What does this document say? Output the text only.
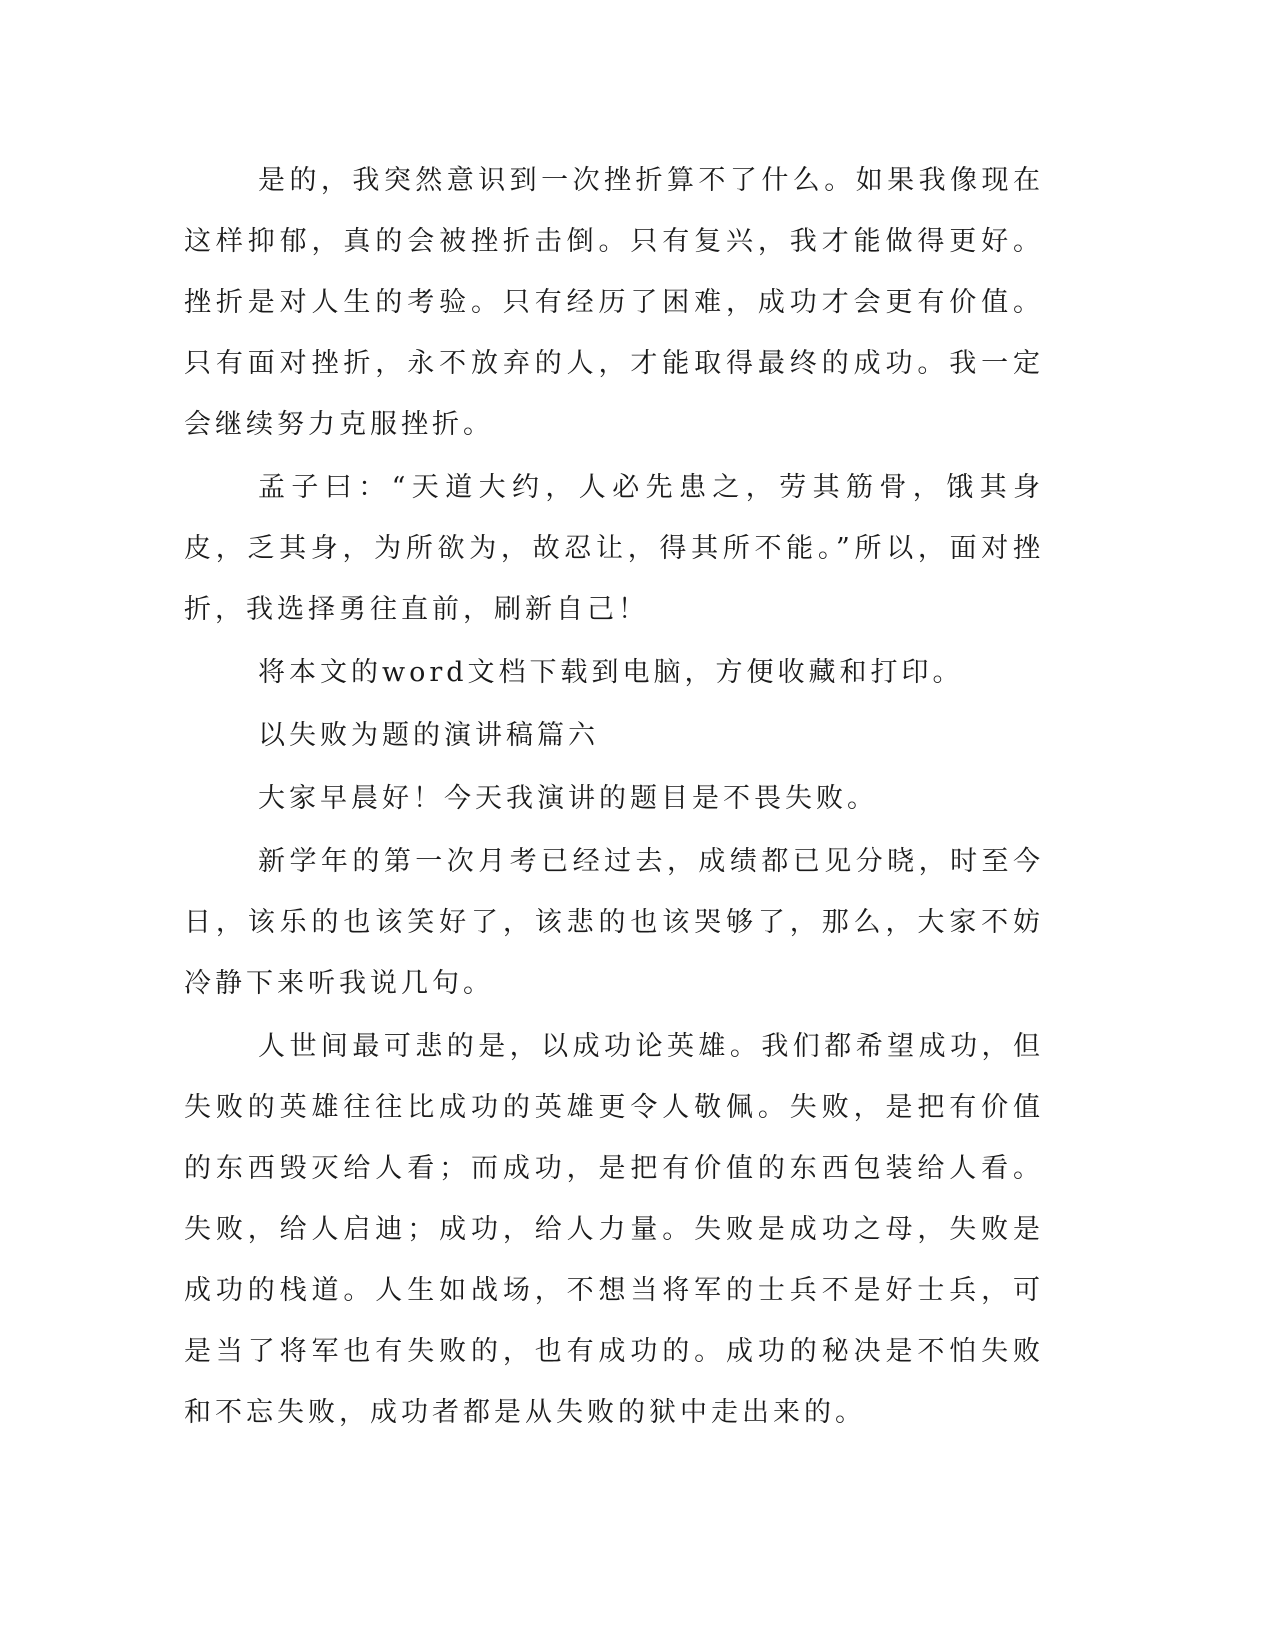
是的，我突然意识到一次挫折算不了什么。如果我像现在这样抑郁，真的会被挫折击倒。只有复兴，我才能做得更好。挫折是对人生的考验。只有经历了困难，成功才会更有价值。只有面对挫折，永不放弃的人，才能取得最终的成功。我一定会继续努力克服挫折。

孟子曰：“天道大约，人必先患之，劳其筋骨，饿其身皮，乏其身，为所欲为，故忍让，得其所不能。”所以，面对挫折，我选择勇往直前，刷新自己！

将本文的word文档下载到电脑，方便收藏和打印。

以失败为题的演讲稿篇六

大家早晨好！今天我演讲的题目是不畏失败。

新学年的第一次月考已经过去，成绩都已见分晓，时至今日，该乐的也该笑好了，该悲的也该哭够了，那么，大家不妨冷静下来听我说几句。

人世间最可悲的是，以成功论英雄。我们都希望成功，但失败的英雄往往比成功的英雄更令人敬佩。失败，是把有价值的东西毁灭给人看；而成功，是把有价值的东西包装给人看。失败，给人启迪；成功，给人力量。失败是成功之母，失败是成功的栈道。人生如战场，不想当将军的士兵不是好士兵，可是当了将军也有失败的，也有成功的。成功的秘决是不怕失败和不忘失败，成功者都是从失败的狱中走出来的。
